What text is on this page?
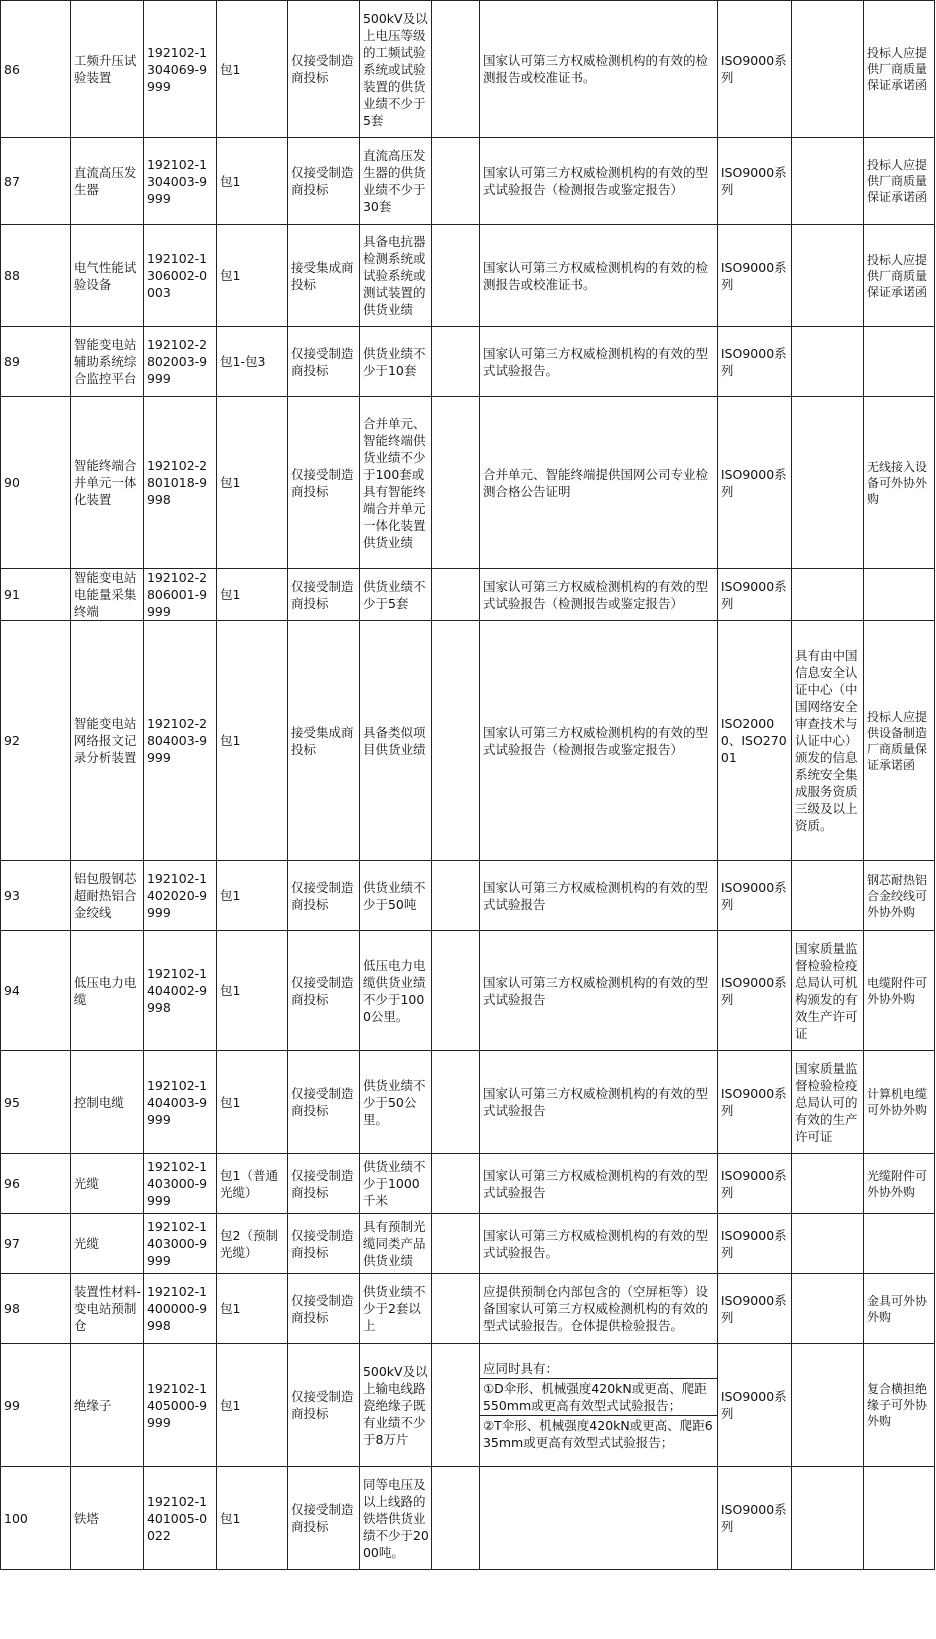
86	工频升压试验装置	192102-1304069-9999	包1	仅接受制造商投标	500kV及以上电压等级的工频试验系统或试验装置的供货业绩不少于5套		国家认可第三方权威检测机构的有效的检测报告或校准证书。	ISO9000系列		投标人应提供厂商质量保证承诺函
87	直流高压发生器	192102-1304003-9999	包1	仅接受制造商投标	直流高压发生器的供货业绩不少于30套		国家认可第三方权威检测机构的有效的型式试验报告（检测报告或鉴定报告）	ISO9000系列		投标人应提供厂商质量保证承诺函
88	电气性能试验设备	192102-1306002-0003	包1	接受集成商投标	具备电抗器检测系统或试验系统或测试装置的供货业绩		国家认可第三方权威检测机构的有效的检测报告或校准证书。	ISO9000系列		投标人应提供厂商质量保证承诺函
89	智能变电站辅助系统综合监控平台	192102-2802003-9999	包1-包3	仅接受制造商投标	供货业绩不少于10套		国家认可第三方权威检测机构的有效的型式试验报告。	ISO9000系列		
90	智能终端合并单元一体化装置	192102-2801018-9998	包1	仅接受制造商投标	合并单元、智能终端供货业绩不少于100套或具有智能终端合并单元一体化装置供货业绩		合并单元、智能终端提供国网公司专业检测合格公告证明	ISO9000系列		无线接入设备可外协外购
91	智能变电站电能量采集终端	192102-2806001-9999	包1	仅接受制造商投标	供货业绩不少于5套		国家认可第三方权威检测机构的有效的型式试验报告（检测报告或鉴定报告）	ISO9000系列		
92	智能变电站网络报文记录分析装置	192102-2804003-9999	包1	接受集成商投标	具备类似项目供货业绩		国家认可第三方权威检测机构的有效的型式试验报告（检测报告或鉴定报告）	ISO20000、ISO27001	具有由中国信息安全认证中心（中国网络安全审查技术与认证中心）颁发的信息系统安全集成服务资质三级及以上资质。	投标人应提供设备制造厂商质量保证承诺函
93	铝包殷钢芯超耐热铝合金绞线	192102-1402020-9999	包1	仅接受制造商投标	供货业绩不少于50吨		国家认可第三方权威检测机构的有效的型式试验报告	ISO9000系列		钢芯耐热铝合金绞线可外协外购
94	低压电力电缆	192102-1404002-9998	包1	仅接受制造商投标	低压电力电缆供货业绩不少于1000公里。		国家认可第三方权威检测机构的有效的型式试验报告	ISO9000系列	国家质量监督检验检疫总局认可机构颁发的有效生产许可证	电缆附件可外协外购
95	控制电缆	192102-1404003-9999	包1	仅接受制造商投标	供货业绩不少于50公里。		国家认可第三方权威检测机构的有效的型式试验报告	ISO9000系列	国家质量监督检验检疫总局认可的有效的生产许可证	计算机电缆可外协外购
96	光缆	192102-1403000-9999	包1（普通光缆）	仅接受制造商投标	供货业绩不少于1000千米		国家认可第三方权威检测机构的有效的型式试验报告	ISO9000系列		光缆附件可外协外购
97	光缆	192102-1403000-9999	包2（预制光缆）	仅接受制造商投标	具有预制光缆同类产品供货业绩		国家认可第三方权威检测机构的有效的型式试验报告。	ISO9000系列		
98	装置性材料-变电站预制仓	192102-1400000-9998	包1	仅接受制造商投标	供货业绩不少于2套以上		应提供预制仓内部包含的（空屏柜等）设备国家认可第三方权威检测机构的有效的型式试验报告。仓体提供检验报告。	ISO9000系列		金具可外协外购
99	绝缘子	192102-1405000-9999	包1	仅接受制造商投标	500kV及以上输电线路瓷绝缘子既有业绩不少于8万片		应同时具有：
①D伞形、机械强度420kN或更高、爬距550mm或更高有效型式试验报告；
②T伞形、机械强度420kN或更高、爬距635mm或更高有效型式试验报告；	ISO9000系列		复合横担绝缘子可外协外购
100	铁塔	192102-1401005-0022	包1	仅接受制造商投标	同等电压及以上线路的铁塔供货业绩不少于2000吨。			ISO9000系列		
